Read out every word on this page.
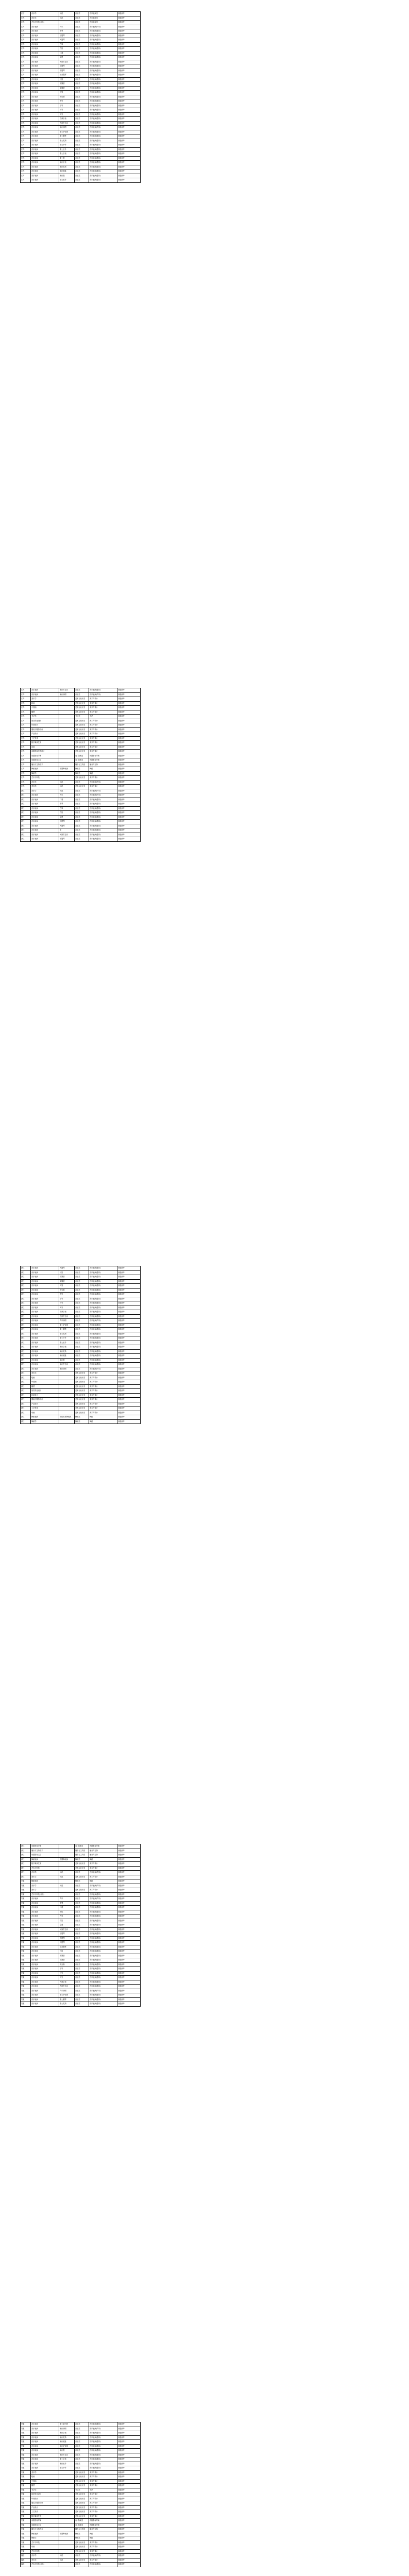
江西	音乐学	师范	音乐类	音乐表演类	省级统考
江苏	音乐学	师范	音乐类	音乐表演类	省级统考
江苏	艺术与科技(音乐)		音乐类	音乐表演类	省级统考
江苏	音乐表演	声乐	音乐类	音乐表演(声乐)	省级统考
江苏	音乐表演	钢琴	音乐类	音乐表演(器乐)	省级统考
江苏	音乐表演	小提琴	音乐类	音乐表演(器乐)	省级统考
江苏	音乐表演	大提琴	音乐类	音乐表演(器乐)	省级统考
江苏	音乐表演	古筝	音乐类	音乐表演(器乐)	省级统考
江苏	音乐表演	竹笛	音乐类	音乐表演(器乐)	省级统考
江苏	音乐表演	二胡	音乐类	音乐表演(器乐)	省级统考
江苏	音乐表演	琵琶	音乐类	音乐表演(器乐)	省级统考
江苏	音乐表演	民族打击乐	音乐类	音乐表演(器乐)	省级统考
江苏	音乐表演	小提琴	音乐类	音乐表演(器乐)	省级统考
江苏	音乐表演	中提琴	音乐类	音乐表演(器乐)	省级统考
江苏	音乐表演	低音提琴	音乐类	音乐表演(器乐)	省级统考
江苏	音乐表演	长笛	音乐类	音乐表演(器乐)	省级统考
江苏	音乐表演	双簧管	音乐类	音乐表演(器乐)	省级统考
江苏	音乐表演	单簧管	音乐类	音乐表演(器乐)	省级统考
江苏	音乐表演	大管	音乐类	音乐表演(器乐)	省级统考
江苏	音乐表演	萨克斯	音乐类	音乐表演(器乐)	省级统考
江苏	音乐表演	圆号	音乐类	音乐表演(器乐)	省级统考
江苏	音乐表演	小号	音乐类	音乐表演(器乐)	省级统考
江苏	音乐表演	长号	音乐类	音乐表演(器乐)	省级统考
江苏	音乐表演	大号	音乐类	音乐表演(器乐)	省级统考
江苏	音乐表演	古典吉他	音乐类	音乐表演(器乐)	省级统考
江苏	音乐表演	西洋打击乐	音乐类	音乐表演(器乐)	省级统考
江苏	音乐表演	流行演唱	音乐类	音乐表演(声乐)	省级统考
江苏	音乐表演	爵士萨克斯	音乐类	音乐表演(器乐)	省级统考
江苏	音乐表演	爵士钢琴	音乐类	音乐表演(器乐)	省级统考
江苏	音乐表演	爵士贝斯	音乐类	音乐表演(器乐)	省级统考
江苏	音乐表演	爵士小号	音乐类	音乐表演(器乐)	省级统考
江苏	音乐表演	爵士长号	音乐类	音乐表演(器乐)	省级统考
江苏	音乐表演	爵士吉他	音乐类	音乐表演(器乐)	省级统考
江苏	音乐表演	爵士鼓	音乐类	音乐表演(器乐)	省级统考
江苏	音乐表演	流行吉他	音乐类	音乐表演(器乐)	省级统考
江苏	音乐表演	流行贝斯	音乐类	音乐表演(器乐)	省级统考
江苏	音乐表演	流行键盘	音乐类	音乐表演(器乐)	省级统考
江苏	音乐表演	流行鼓	音乐类	音乐表演(器乐)	省级统考
江苏	音乐表演	爵士长号	音乐类	音乐表演(器乐)	省级统考
江苏	音乐表演	流行打击乐	音乐类	音乐表演(器乐)	省级统考
江苏	音乐表演	流行演唱	音乐类	音乐表演(声乐)	省级统考
江苏	美术学		美术与设计类	美术与设计	省级统考
江苏	绘画		美术与设计类	美术与设计	省级统考
江苏	中国画		美术与设计类	美术与设计	省级统考
江苏	雕塑		美术与设计类	美术与设计	省级统考
江苏	书法学		书法类	书法	省级统考
江苏	视觉传达设计		美术与设计类	美术与设计	省级统考
江苏	环境设计		美术与设计类	美术与设计	省级统考
江苏	服装与服饰设计		美术与设计类	美术与设计	省级统考
江苏	产品设计		美术与设计类	美术与设计	省级统考
江苏	工艺美术		美术与设计类	美术与设计	省级统考
江苏	数字媒体艺术		美术与设计类	美术与设计	省级统考
江苏	动画		美术与设计类	美术与设计	省级统考
江苏	戏剧影视美术设计		美术与设计类	美术与设计	省级统考
江苏	戏剧影视导演		表(导)演类	戏剧影视导演	省级统考
江苏	戏剧影视文学		表(导)演类	戏剧影视导演	省级统考
江苏	播音与主持艺术		播音与主持类	播音与主持	省级统考
江苏	舞蹈表演	中国舞表演	舞蹈类	舞蹈	省级统考
江苏	舞蹈学		舞蹈类	舞蹈	省级统考
江苏	艺术与科技		美术与设计类	美术与设计	省级统考
江苏	音乐学	师范	音乐类	音乐表演(声乐)	省级统考
江苏	美术学	师范	美术与设计类	美术与设计	省级统考
浙江	音乐学	师范	音乐类	音乐表演(声乐)	省级统考
浙江	音乐表演	声乐	音乐类	音乐表演(声乐)	省级统考
浙江	音乐表演	二胡	音乐类	音乐表演(器乐)	省级统考
浙江	音乐表演	钢琴	音乐类	音乐表演(器乐)	省级统考
浙江	音乐表演	古筝	音乐类	音乐表演(器乐)	省级统考
浙江	音乐表演	竹笛	音乐类	音乐表演(器乐)	省级统考
浙江	音乐表演	琵琶	音乐类	音乐表演(器乐)	省级统考
浙江	音乐表演	小提琴	音乐类	音乐表演(器乐)	省级统考
浙江	音乐表演	大提琴	音乐类	音乐表演(器乐)	省级统考
浙江	音乐表演	笙	音乐类	音乐表演(器乐)	省级统考
浙江	音乐表演	民族打击乐	音乐类	音乐表演(器乐)	省级统考
浙江	音乐表演	中提琴	音乐类	音乐表演(器乐)	省级统考
浙江	音乐表演	大提琴	音乐类	音乐表演(器乐)	省级统考
浙江	音乐表演	长笛	音乐类	音乐表演(器乐)	省级统考
浙江	音乐表演	双簧管	音乐类	音乐表演(器乐)	省级统考
浙江	音乐表演	单簧管	音乐类	音乐表演(器乐)	省级统考
浙江	音乐表演	大管	音乐类	音乐表演(器乐)	省级统考
浙江	音乐表演	萨克斯	音乐类	音乐表演(器乐)	省级统考
浙江	音乐表演	圆号	音乐类	音乐表演(器乐)	省级统考
浙江	音乐表演	小号	音乐类	音乐表演(器乐)	省级统考
浙江	音乐表演	长号	音乐类	音乐表演(器乐)	省级统考
浙江	音乐表演	大号	音乐类	音乐表演(器乐)	省级统考
浙江	音乐表演	古典吉他	音乐类	音乐表演(器乐)	省级统考
浙江	音乐表演	西洋打击乐	音乐类	音乐表演(器乐)	省级统考
浙江	音乐表演	声乐演唱	音乐类	音乐表演(声乐)	省级统考
浙江	音乐表演	爵士萨克斯	音乐类	音乐表演(器乐)	省级统考
浙江	音乐表演	爵士钢琴	音乐类	音乐表演(器乐)	省级统考
浙江	音乐表演	爵士贝斯	音乐类	音乐表演(器乐)	省级统考
浙江	音乐表演	爵士小号	音乐类	音乐表演(器乐)	省级统考
浙江	音乐表演	爵士长号	音乐类	音乐表演(器乐)	省级统考
浙江	音乐表演	流行吉他	音乐类	音乐表演(器乐)	省级统考
浙江	音乐表演	流行贝斯	音乐类	音乐表演(器乐)	省级统考
浙江	音乐表演	流行键盘	音乐类	音乐表演(器乐)	省级统考
浙江	音乐表演	流行鼓	音乐类	音乐表演(器乐)	省级统考
浙江	音乐表演	流行打击乐	音乐类	音乐表演(器乐)	省级统考
浙江	音乐表演	流行演唱	音乐类	音乐表演(声乐)	省级统考
浙江	美术学		美术与设计类	美术与设计	省级统考
浙江	绘画		美术与设计类	美术与设计	省级统考
浙江	中国画		美术与设计类	美术与设计	省级统考
浙江	雕塑		美术与设计类	美术与设计	省级统考
浙江	视觉传达设计		美术与设计类	美术与设计	省级统考
浙江	环境设计		美术与设计类	美术与设计	省级统考
浙江	服装与服饰设计		美术与设计类	美术与设计	省级统考
浙江	产品设计		美术与设计类	美术与设计	省级统考
浙江	工艺美术		美术与设计类	美术与设计	省级统考
浙江	动画		美术与设计类	美术与设计	省级统考
浙江	舞蹈表演	国际标准舞表演	舞蹈类	舞蹈	省级统考
浙江	舞蹈学		舞蹈类	舞蹈	省级统考
浙江	戏剧影视导演		表(导)演类	戏剧影视导演	省级统考
浙江	播音与主持艺术		播音与主持类	播音与主持	省级统考
浙江	戏剧影视文学		播音与主持类	播音与主持	省级统考
浙江	舞蹈表演	中国舞表演	舞蹈类	舞蹈	省级统考
浙江	数字媒体艺术		美术与设计类	美术与设计	省级统考
浙江	艺术与科技		美术与设计类	美术与设计	省级统考
浙江	音乐学	师范	音乐类	音乐表演(声乐)	省级统考
浙江	美术学	师范	美术与设计类	美术与设计	省级统考
安徽	舞蹈表演		舞蹈类	舞蹈	省级统考
安徽	音乐学	师范	音乐类	音乐表演(声乐)	省级统考
安徽	美术学		美术与设计类	美术与设计	省级统考
安徽	艺术与科技(音乐)		音乐类	音乐表演(器乐)	省级统考
安徽	音乐表演	声乐	音乐类	音乐表演(声乐)	省级统考
安徽	音乐表演	钢琴	音乐类	音乐表演(器乐)	省级统考
安徽	音乐表演	二胡	音乐类	音乐表演(器乐)	省级统考
安徽	音乐表演	中阮	音乐类	音乐表演(器乐)	省级统考
安徽	音乐表演	古筝	音乐类	音乐表演(器乐)	省级统考
安徽	音乐表演	竹笛	音乐类	音乐表演(器乐)	省级统考
安徽	音乐表演	琵琶	音乐类	音乐表演(器乐)	省级统考
安徽	音乐表演	民族打击乐	音乐类	音乐表演(器乐)	省级统考
安徽	音乐表演	小提琴	音乐类	音乐表演(器乐)	省级统考
安徽	音乐表演	中提琴	音乐类	音乐表演(器乐)	省级统考
安徽	音乐表演	大提琴	音乐类	音乐表演(器乐)	省级统考
安徽	音乐表演	低音提琴	音乐类	音乐表演(器乐)	省级统考
安徽	音乐表演	长笛	音乐类	音乐表演(器乐)	省级统考
安徽	音乐表演	单簧管	音乐类	音乐表演(器乐)	省级统考
安徽	音乐表演	双簧管	音乐类	音乐表演(器乐)	省级统考
安徽	音乐表演	萨克斯	音乐类	音乐表演(器乐)	省级统考
安徽	音乐表演	小号	音乐类	音乐表演(器乐)	省级统考
安徽	音乐表演	长号	音乐类	音乐表演(器乐)	省级统考
安徽	音乐表演	大号	音乐类	音乐表演(器乐)	省级统考
安徽	音乐表演	古典吉他	音乐类	音乐表演(器乐)	省级统考
安徽	音乐表演	西洋打击乐	音乐类	音乐表演(器乐)	省级统考
安徽	音乐表演	声乐演唱	音乐类	音乐表演(声乐)	省级统考
安徽	音乐表演	爵士萨克斯	音乐类	音乐表演(器乐)	省级统考
安徽	音乐表演	爵士钢琴	音乐类	音乐表演(器乐)	省级统考
安徽	音乐表演	爵士贝斯	音乐类	音乐表演(器乐)	省级统考
安徽	音乐表演	爵士架子鼓	音乐类	音乐表演(器乐)	省级统考
安徽	音乐表演	流行演唱	音乐类	音乐表演(声乐)	省级统考
安徽	音乐表演	流行吉他	音乐类	音乐表演(器乐)	省级统考
安徽	音乐表演	流行贝斯	音乐类	音乐表演(器乐)	省级统考
安徽	音乐表演	流行键盘	音乐类	音乐表演(器乐)	省级统考
安徽	音乐表演	流行萨克斯	音乐类	音乐表演(器乐)	省级统考
安徽	音乐表演	流行鼓	音乐类	音乐表演(器乐)	省级统考
安徽	音乐表演	流行打击乐	音乐类	音乐表演(器乐)	省级统考
安徽	音乐表演	爵士吉他	音乐类	音乐表演(器乐)	省级统考
安徽	音乐表演	流行长号	音乐类	音乐表演(器乐)	省级统考
安徽	音乐表演	爵士小号	音乐类	音乐表演(器乐)	省级统考
安徽	美术学		美术与设计类	美术与设计	省级统考
安徽	绘画		美术与设计类	美术与设计	省级统考
安徽	中国画		美术与设计类	美术与设计	省级统考
安徽	雕塑		美术与设计类	美术与设计	省级统考
安徽	书法学		书法类	书法	省级统考
安徽	视觉传达设计		美术与设计类	美术与设计	省级统考
安徽	环境设计		美术与设计类	美术与设计	省级统考
安徽	服装与服饰设计		美术与设计类	美术与设计	省级统考
安徽	产品设计		美术与设计类	美术与设计	省级统考
安徽	工艺美术		美术与设计类	美术与设计	省级统考
安徽	数字媒体艺术		美术与设计类	美术与设计	省级统考
安徽	戏剧影视导演		表(导)演类	戏剧影视导演	省级统考
安徽	戏剧影视文学		表(导)演类	戏剧影视导演	省级统考
安徽	播音与主持艺术		播音与主持类	播音与主持	省级统考
安徽	舞蹈表演	中国舞表演	舞蹈类	舞蹈	省级统考
安徽	舞蹈学		舞蹈类	舞蹈	省级统考
安徽	艺术与科技		美术与设计类	美术与设计	省级统考
安徽	动画		美术与设计类	美术与设计	省级统考
安徽	艺术与科技		美术与设计类	美术与设计	省级统考
福建	音乐学	师范	音乐类	音乐表演(声乐)	省级统考
福建	美术学	师范	美术与设计类	美术与设计	省级统考
福建	艺术与科技(音乐)		音乐类	音乐表演(器乐)	省级统考
